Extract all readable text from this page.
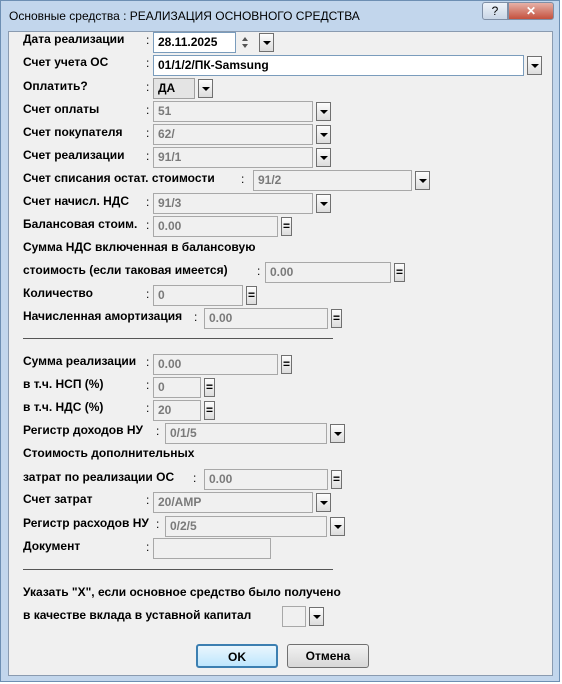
Основные средства : РЕАЛИЗАЦИЯ ОСНОВНОГО СРЕДСТВА	?	✕
Дата реализации : 28.11.2025
Счет учета ОС	: 01/1/2/ПК-Samsung
Оплатить?	: ДА
Счет оплаты	: 51
Счет покупателя : 62/
Счет реализации : 91/1
Счет списания остат. стоимости :	91/2
Счет начисл. НДС : 91/3
Балансовая стоим. : 0.00	=
Сумма НДС включенная в балансовую
стоимость (если таковая имеется) : 0.00	=
Количество	: 0	=
Начисленная амортизация : 0.00	=
Сумма реализации : 0.00	=
в т.ч. НСП (%)	: 0	=
в т.ч. НДС (%)	: 20	=
Регистр доходов НУ : 0/1/5
Стоимость дополнительных
затрат по реализации ОС :	0.00	=
Счет затрат	: 20/АМР
Регистр расходов НУ : 0/2/5
Документ	:
Указать "Х", если основное средство было получено
в качестве вклада в уставной капитал
OK	Отмена
